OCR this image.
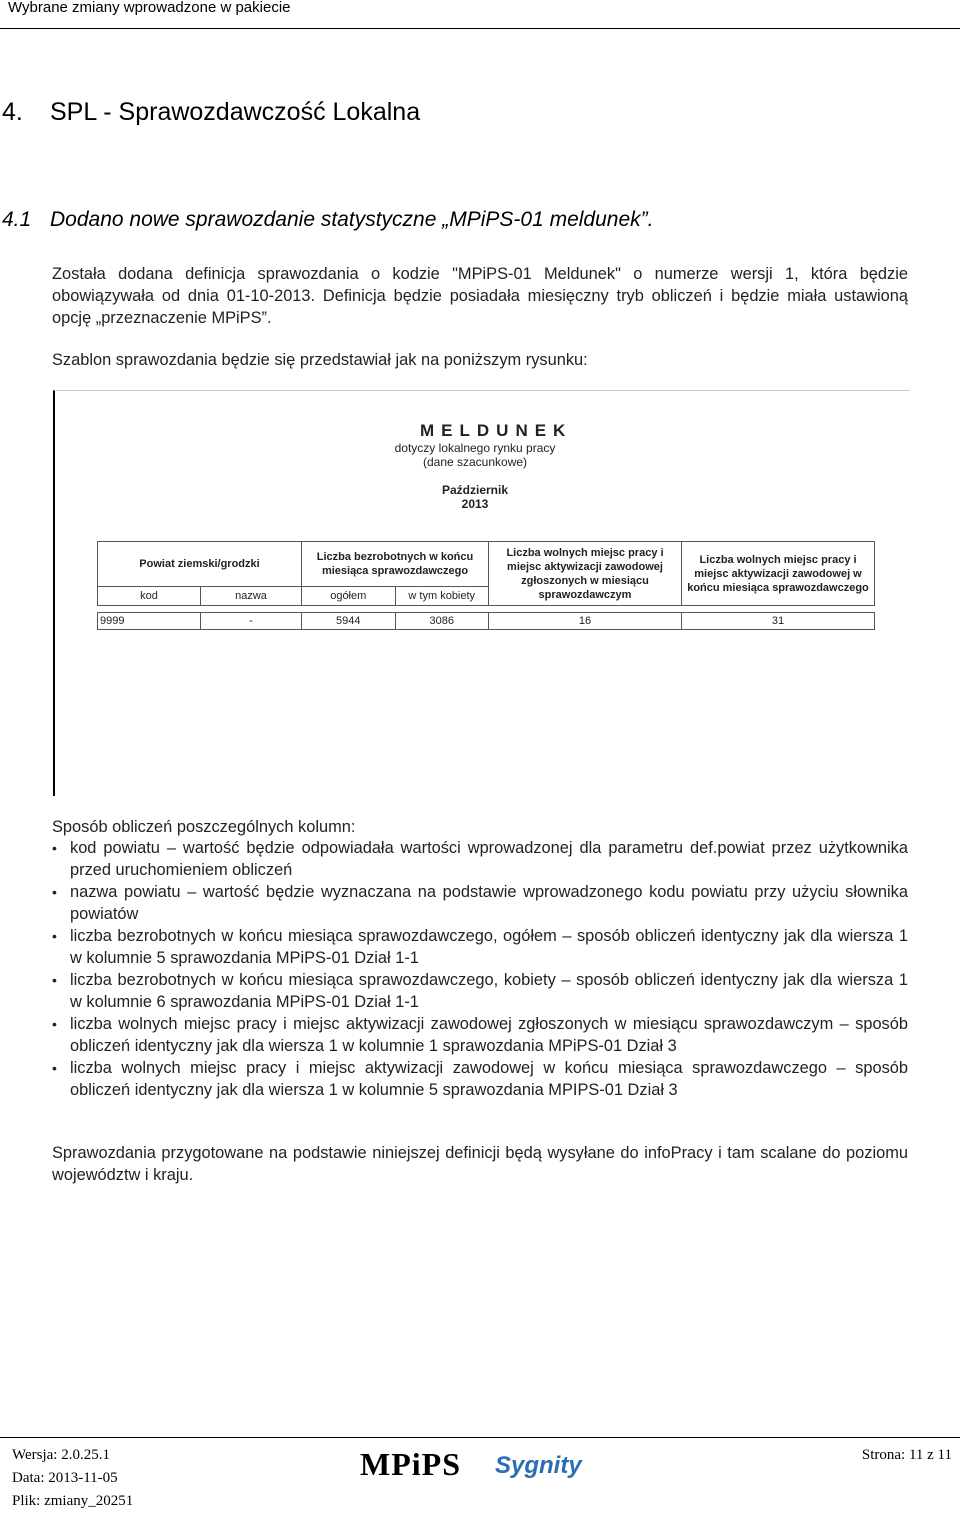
Wybrane zmiany wprowadzone w pakiecie
4. SPL - Sprawozdawczość Lokalna
4.1 Dodano nowe sprawozdanie statystyczne „MPiPS-01 meldunek”.

Została dodana definicja sprawozdania o kodzie "MPiPS-01 Meldunek" o numerze wersji 1, która będzie obowiązywała od dnia 01-10-2013. Definicja będzie posiadała miesięczny tryb obliczeń i będzie miała ustawioną opcję „przeznaczenie MPiPS”.

Szablon sprawozdania będzie się przedstawiał jak na poniższym rysunku:

MELDUNEK
dotyczy lokalnego rynku pracy
(dane szacunkowe)
Październik
2013
Powiat ziemski/grodzki		Liczba bezrobotnych w końcu miesiąca sprawozdawczego		Liczba wolnych miejsc pracy i miejsc aktywizacji zawodowej zgłoszonych w miesiącu sprawozdawczym	Liczba wolnych miejsc pracy i miejsc aktywizacji zawodowej w końcu miesiąca sprawozdawczego
kod	nazwa	ogółem	w tym kobiety		

9999	-	5944	3086	16	31

Sposób obliczeń poszczególnych kolumn:

• kod powiatu – wartość będzie odpowiadała wartości wprowadzonej dla parametru def.powiat przez użytkownika przed uruchomieniem obliczeń
• nazwa powiatu – wartość będzie wyznaczana na podstawie wprowadzonego kodu powiatu przy użyciu słownika powiatów
• liczba bezrobotnych w końcu miesiąca sprawozdawczego, ogółem – sposób obliczeń identyczny jak dla wiersza 1 w kolumnie 5 sprawozdania MPiPS-01 Dział 1-1
• liczba bezrobotnych w końcu miesiąca sprawozdawczego, kobiety – sposób obliczeń identyczny jak dla wiersza 1 w kolumnie 6 sprawozdania MPiPS-01 Dział 1-1
• liczba wolnych miejsc pracy i miejsc aktywizacji zawodowej zgłoszonych w miesiącu sprawozdawczym – sposób obliczeń identyczny jak dla wiersza 1 w kolumnie 1 sprawozdania MPiPS-01 Dział 3
• liczba wolnych miejsc pracy i miejsc aktywizacji zawodowej w końcu miesiąca sprawozdawczego – sposób obliczeń identyczny jak dla wiersza 1 w kolumnie 5 sprawozdania MPIPS-01 Dział 3

Sprawozdania przygotowane na podstawie niniejszej definicji będą wysyłane do infoPracy i tam scalane do poziomu województw i kraju.

Wersja: 2.0.25.1
Data: 2013-11-05
Plik: zmiany_20251
Strona: 11 z 11
MPiPS Sygnity
